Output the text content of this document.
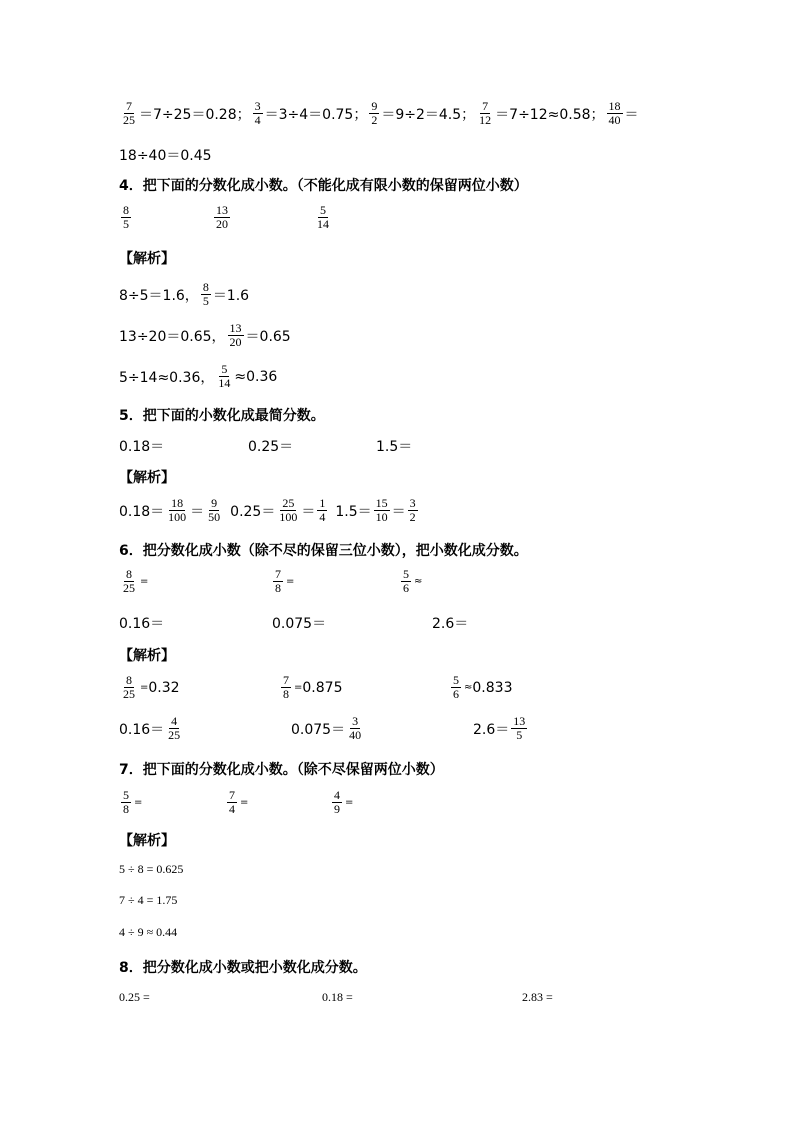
$\frac{7}{25} =7\div 25=0.28$； $\frac{3}{4} =3\div 4=0.75$； $\frac{9}{2} =9\div 2=4.5$； $\frac{7}{12} =7\div 12\approx 0.58$； $\frac{18}{40}$ ＝
18÷40＝0.45
4．把下面的分数化成小数。（不能化成有限小数的保留两位小数）
$\frac{8}{5}$	$\frac{13}{20}$	$\frac{5}{14}$
【解析】
8÷5＝1.6， $\frac{8}{5} =1.6$
13÷20＝0.65， $\frac{13}{20} =0.65$
5÷14≈0.36， $\frac{5}{14} \approx 0.36$
5．把下面的小数化成最简分数。
0.18＝	0.25＝	1.5＝
【解析】
$0.18= \frac{18}{100} = \frac{9}{50} 0.25= \frac{25}{100} = \frac{1}{4} 1.5= \frac{15}{10} = \frac{3}{2}$
6．把分数化成小数（除不尽的保留三位小数），把小数化成分数。
$\frac{8}{25}$ =	$\frac{7}{8}$ =	$\frac{5}{6}$ ≈
0.16＝	0.075＝	2.6＝
【解析】
$\frac{8}{25} = 0.32$	$\frac{7}{8} = 0.875$	$\frac{5}{6} \approx 0.833$
$0.16= \frac{4}{25}$	$0.075= \frac{3}{40}$	$2.6= \frac{13}{5}$
7．把下面的分数化成小数。（除不尽保留两位小数）
$\frac{5}{8}$ =	$\frac{7}{4}$ =	$\frac{4}{9}$ =
【解析】
5 ÷ 8 = 0.625
7 ÷ 4 = 1.75
4 ÷ 9 ≈ 0.44
8．把分数化成小数或把小数化成分数。
0.25 =	0.18 =	2.83 =
